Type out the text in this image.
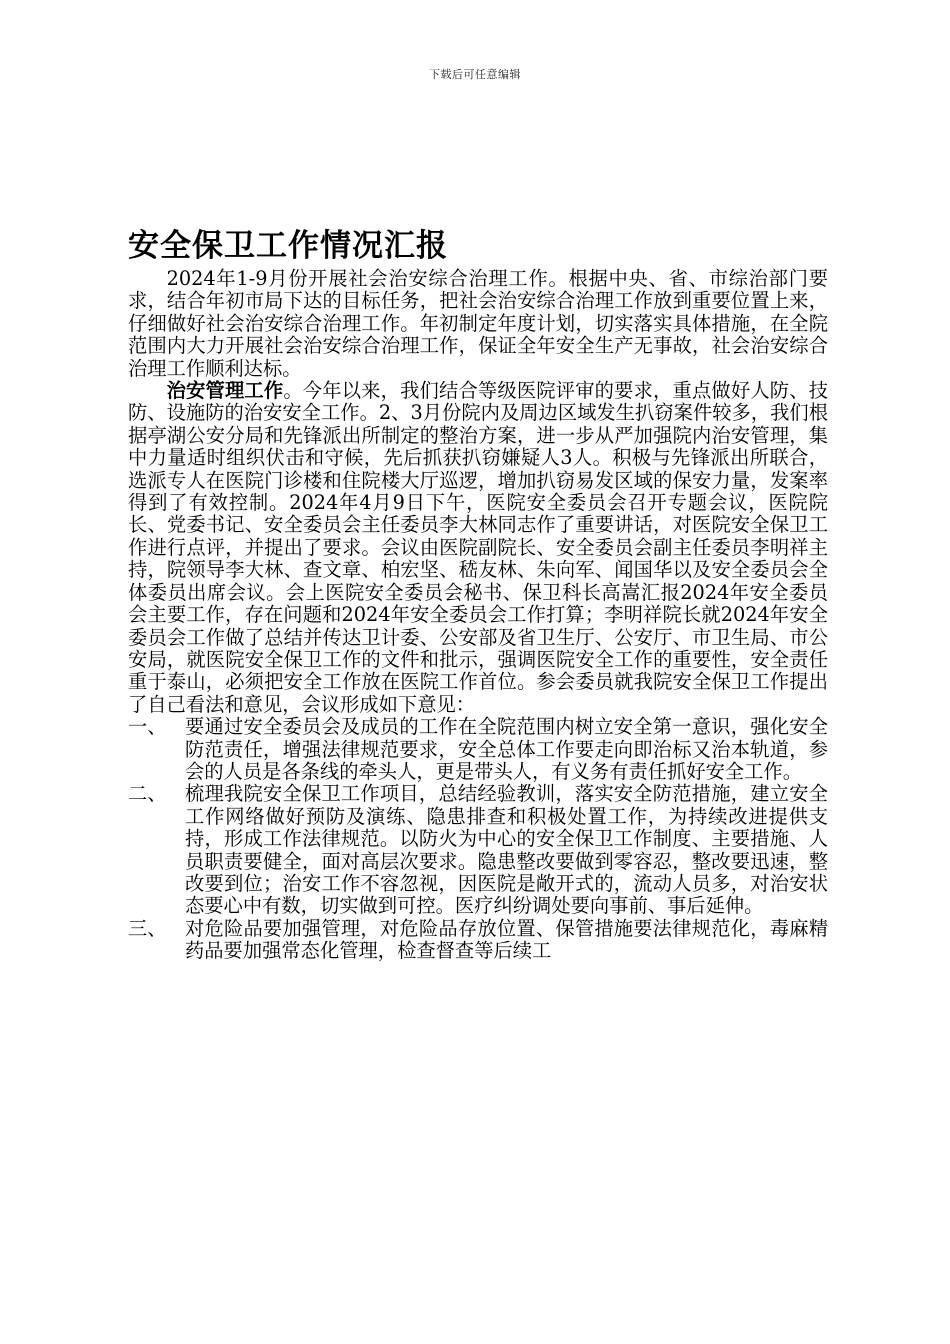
下载后可任意编辑
安全保卫工作情况汇报

2024年1-9月份开展社会治安综合治理工作。根据中央、省、市综治部门要求，结合年初市局下达的目标任务，把社会治安综合治理工作放到重要位置上来，仔细做好社会治安综合治理工作。年初制定年度计划，切实落实具体措施，在全院范围内大力开展社会治安综合治理工作，保证全年安全生产无事故，社会治安综合治理工作顺利达标。

治安管理工作。今年以来，我们结合等级医院评审的要求，重点做好人防、技防、设施防的治安安全工作。2、3月份院内及周边区域发生扒窃案件较多，我们根据亭湖公安分局和先锋派出所制定的整治方案，进一步从严加强院内治安管理，集中力量适时组织伏击和守候，先后抓获扒窃嫌疑人3人。积极与先锋派出所联合，选派专人在医院门诊楼和住院楼大厅巡逻，增加扒窃易发区域的保安力量，发案率得到了有效控制。2024年4月9日下午，医院安全委员会召开专题会议，医院院长、党委书记、安全委员会主任委员李大林同志作了重要讲话，对医院安全保卫工作进行点评，并提出了要求。会议由医院副院长、安全委员会副主任委员李明祥主持，院领导李大林、查文章、柏宏坚、嵇友林、朱向军、闻国华以及安全委员会全体委员出席会议。会上医院安全委员会秘书、保卫科长高嵩汇报2024年安全委员会主要工作，存在问题和2024年安全委员会工作打算；李明祥院长就2024年安全委员会工作做了总结并传达卫计委、公安部及省卫生厅、公安厅、市卫生局、市公安局，就医院安全保卫工作的文件和批示，强调医院安全工作的重要性，安全责任重于泰山，必须把安全工作放在医院工作首位。参会委员就我院安全保卫工作提出了自己看法和意见，会议形成如下意见：

一、 要通过安全委员会及成员的工作在全院范围内树立安全第一意识，强化安全防范责任，增强法律规范要求，安全总体工作要走向即治标又治本轨道，参会的人员是各条线的牵头人，更是带头人，有义务有责任抓好安全工作。
二、 梳理我院安全保卫工作项目，总结经验教训，落实安全防范措施，建立安全工作网络做好预防及演练、隐患排查和积极处置工作，为持续改进提供支持，形成工作法律规范。以防火为中心的安全保卫工作制度、主要措施、人员职责要健全，面对高层次要求。隐患整改要做到零容忍，整改要迅速，整改要到位；治安工作不容忽视，因医院是敞开式的，流动人员多，对治安状态要心中有数，切实做到可控。医疗纠纷调处要向事前、事后延伸。
三、 对危险品要加强管理，对危险品存放位置、保管措施要法律规范化，毒麻精药品要加强常态化管理，检查督查等后续工
